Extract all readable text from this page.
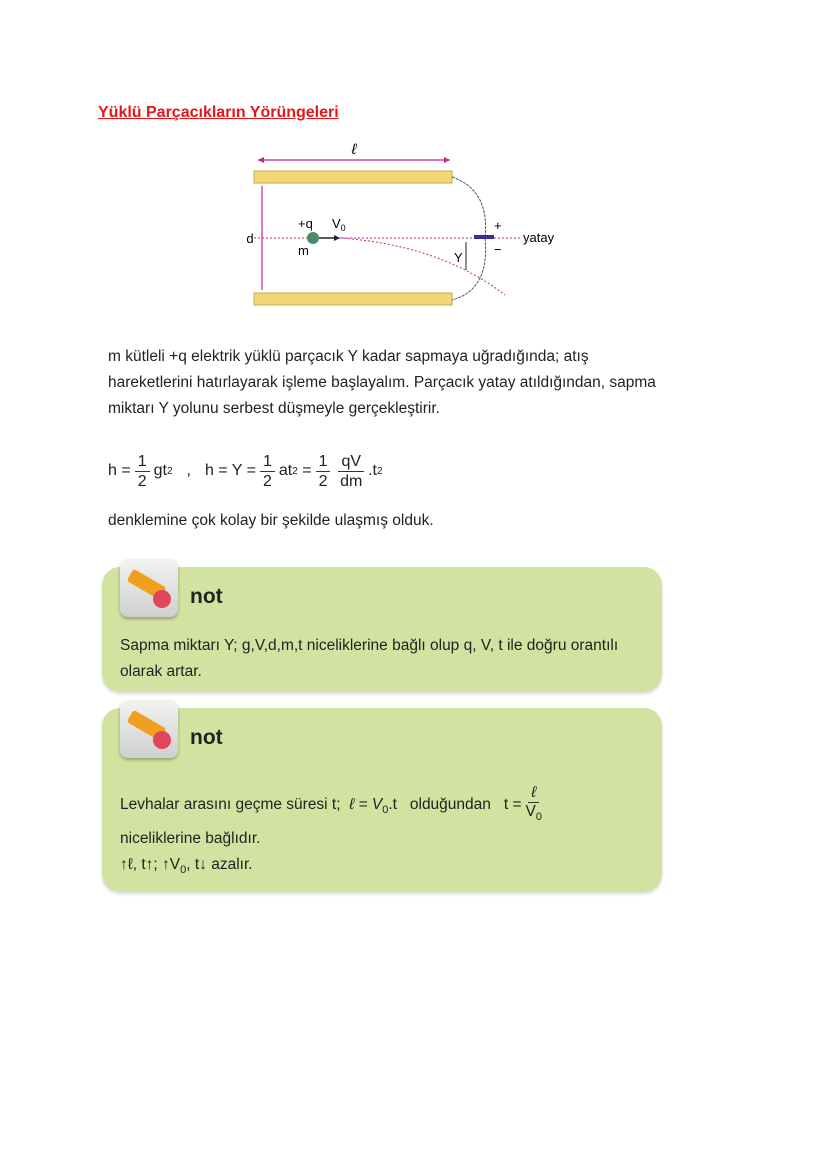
Yüklü Parçacıkların Yörüngeleri
ℓ
d
+q $V_0$
m	Y
+
−
yatay
m kütleli +q elektrik yüklü parçacık Y kadar sapmaya uğradığında; atış hareketlerini hatırlayarak işleme başlayalım. Parçacık yatay atıldığından, sapma miktarı Y yolunu serbest düşmeyle gerçekleştirir.
$h = \frac{1}{2}$ gt 2 , $h = Y = \frac{1}{2}$ at 2
= $\frac{1}{2} \frac{qV}{dm} .t$ 2
denklemine çok kolay bir şekilde ulaşmış olduk.
not
Sapma miktarı Y; g,V,d,m,t niceliklerine bağlı olup q, V, t ile doğru orantılı olarak artar.
not
Levhalar arasını geçme süresi t; ℓ = $V_0.t$ olduğundan t =
ℓ
$V_0$
niceliklerine bağlıdır.
↑ℓ, t↑; $↑V_0$, t↓ azalır.
